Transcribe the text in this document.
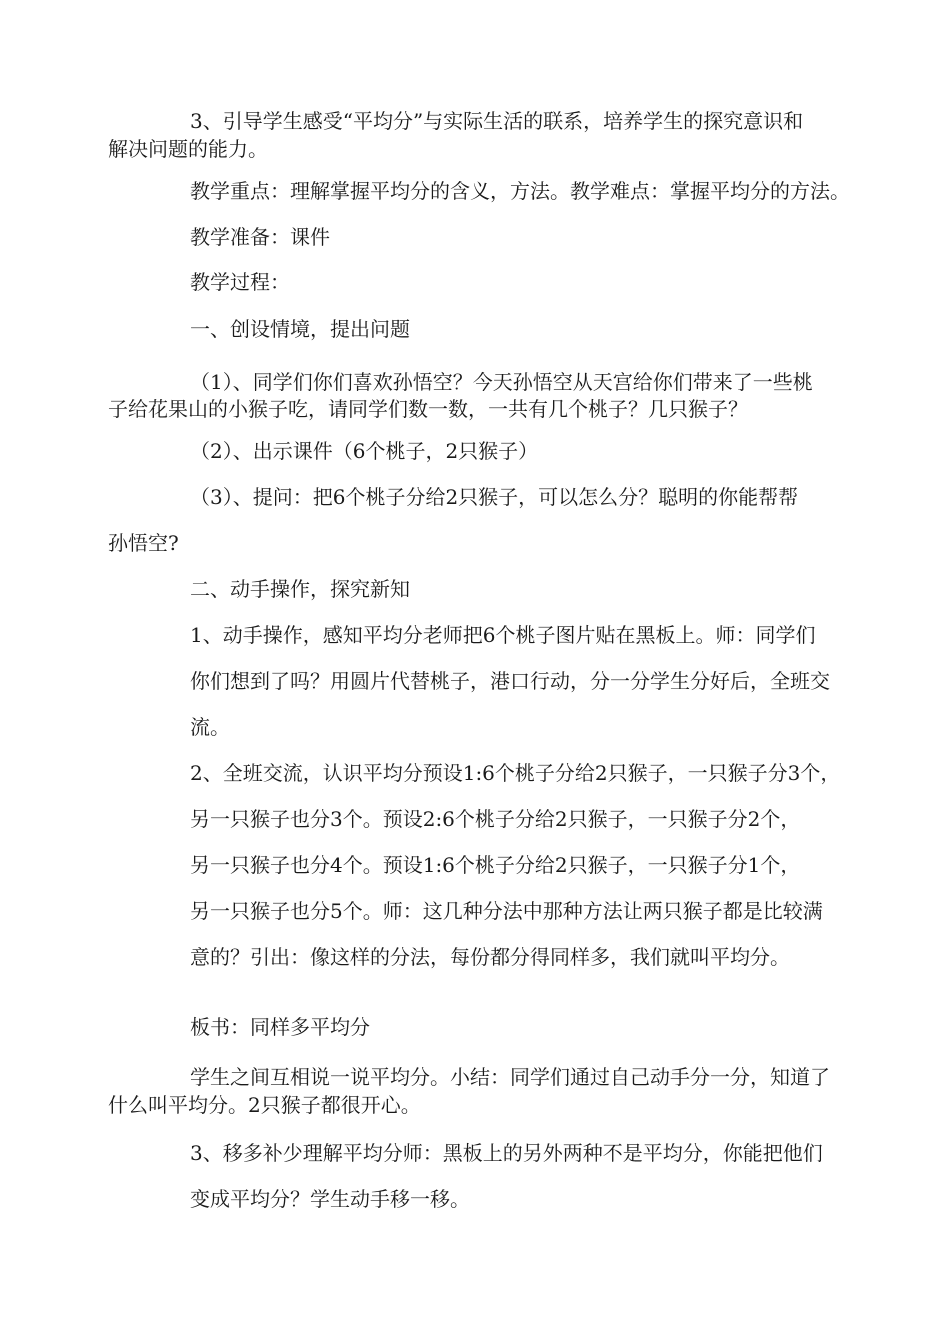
3、引导学生感受“平均分”与实际生活的联系，培养学生的探究意识和
解决问题的能力。
教学重点：理解掌握平均分的含义，方法。教学难点：掌握平均分的方法。
教学准备：课件
教学过程：
一、创设情境，提出问题
（1）、同学们你们喜欢孙悟空？今天孙悟空从天宫给你们带来了一些桃
子给花果山的小猴子吃，请同学们数一数，一共有几个桃子？几只猴子？
（2）、出示课件（6个桃子，2只猴子）
（3）、提问：把6个桃子分给2只猴子，可以怎么分？聪明的你能帮帮
孙悟空?
二、动手操作，探究新知
1、动手操作，感知平均分老师把6个桃子图片贴在黑板上。师：同学们
你们想到了吗？用圆片代替桃子，港口行动，分一分学生分好后，全班交
流。
2、全班交流，认识平均分预设1:6个桃子分给2只猴子，一只猴子分3个，
另一只猴子也分3个。预设2:6个桃子分给2只猴子，一只猴子分2个，
另一只猴子也分4个。预设1:6个桃子分给2只猴子，一只猴子分1个，
另一只猴子也分5个。师：这几种分法中那种方法让两只猴子都是比较满
意的？引出：像这样的分法，每份都分得同样多，我们就叫平均分。
板书：同样多平均分
学生之间互相说一说平均分。小结：同学们通过自己动手分一分，知道了
什么叫平均分。2只猴子都很开心。
3、移多补少理解平均分师：黑板上的另外两种不是平均分，你能把他们
变成平均分？学生动手移一移。
